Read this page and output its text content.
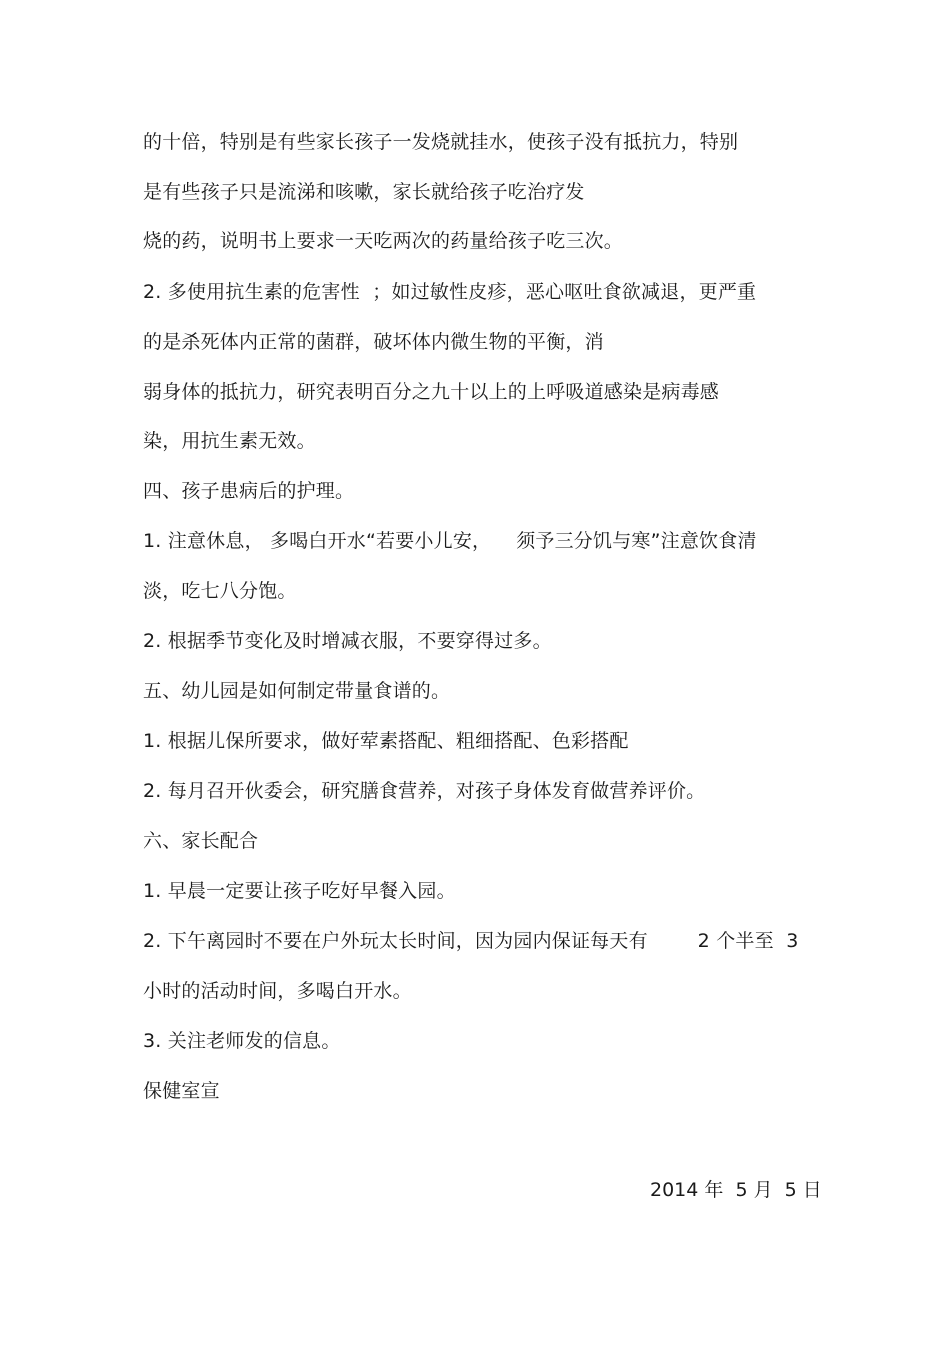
的十倍，特别是有些家长孩子一发烧就挂水，使孩子没有抵抗力，特别
是有些孩子只是流涕和咳嗽，家长就给孩子吃治疗发
烧的药，说明书上要求一天吃两次的药量给孩子吃三次。
2. 多使用抗生素的危害性  ；如过敏性皮疹，恶心呕吐食欲减退，更严重
的是杀死体内正常的菌群，破坏体内微生物的平衡，消
弱身体的抵抗力，研究表明百分之九十以上的上呼吸道感染是病毒感
染，用抗生素无效。
四、孩子患病后的护理。
1. 注意休息， 多喝白开水“若要小儿安，    须予三分饥与寒”注意饮食清
淡，吃七八分饱。
2. 根据季节变化及时增减衣服，不要穿得过多。
五、幼儿园是如何制定带量食谱的。
1. 根据儿保所要求，做好荤素搭配、粗细搭配、色彩搭配
2. 每月召开伙委会，研究膳食营养，对孩子身体发育做营养评价。
六、家长配合
1. 早晨一定要让孩子吃好早餐入园。
2. 下午离园时不要在户外玩太长时间，因为园内保证每天有        2 个半至  3
小时的活动时间，多喝白开水。
3. 关注老师发的信息。
保健室宣
2014 年  5 月  5 日
